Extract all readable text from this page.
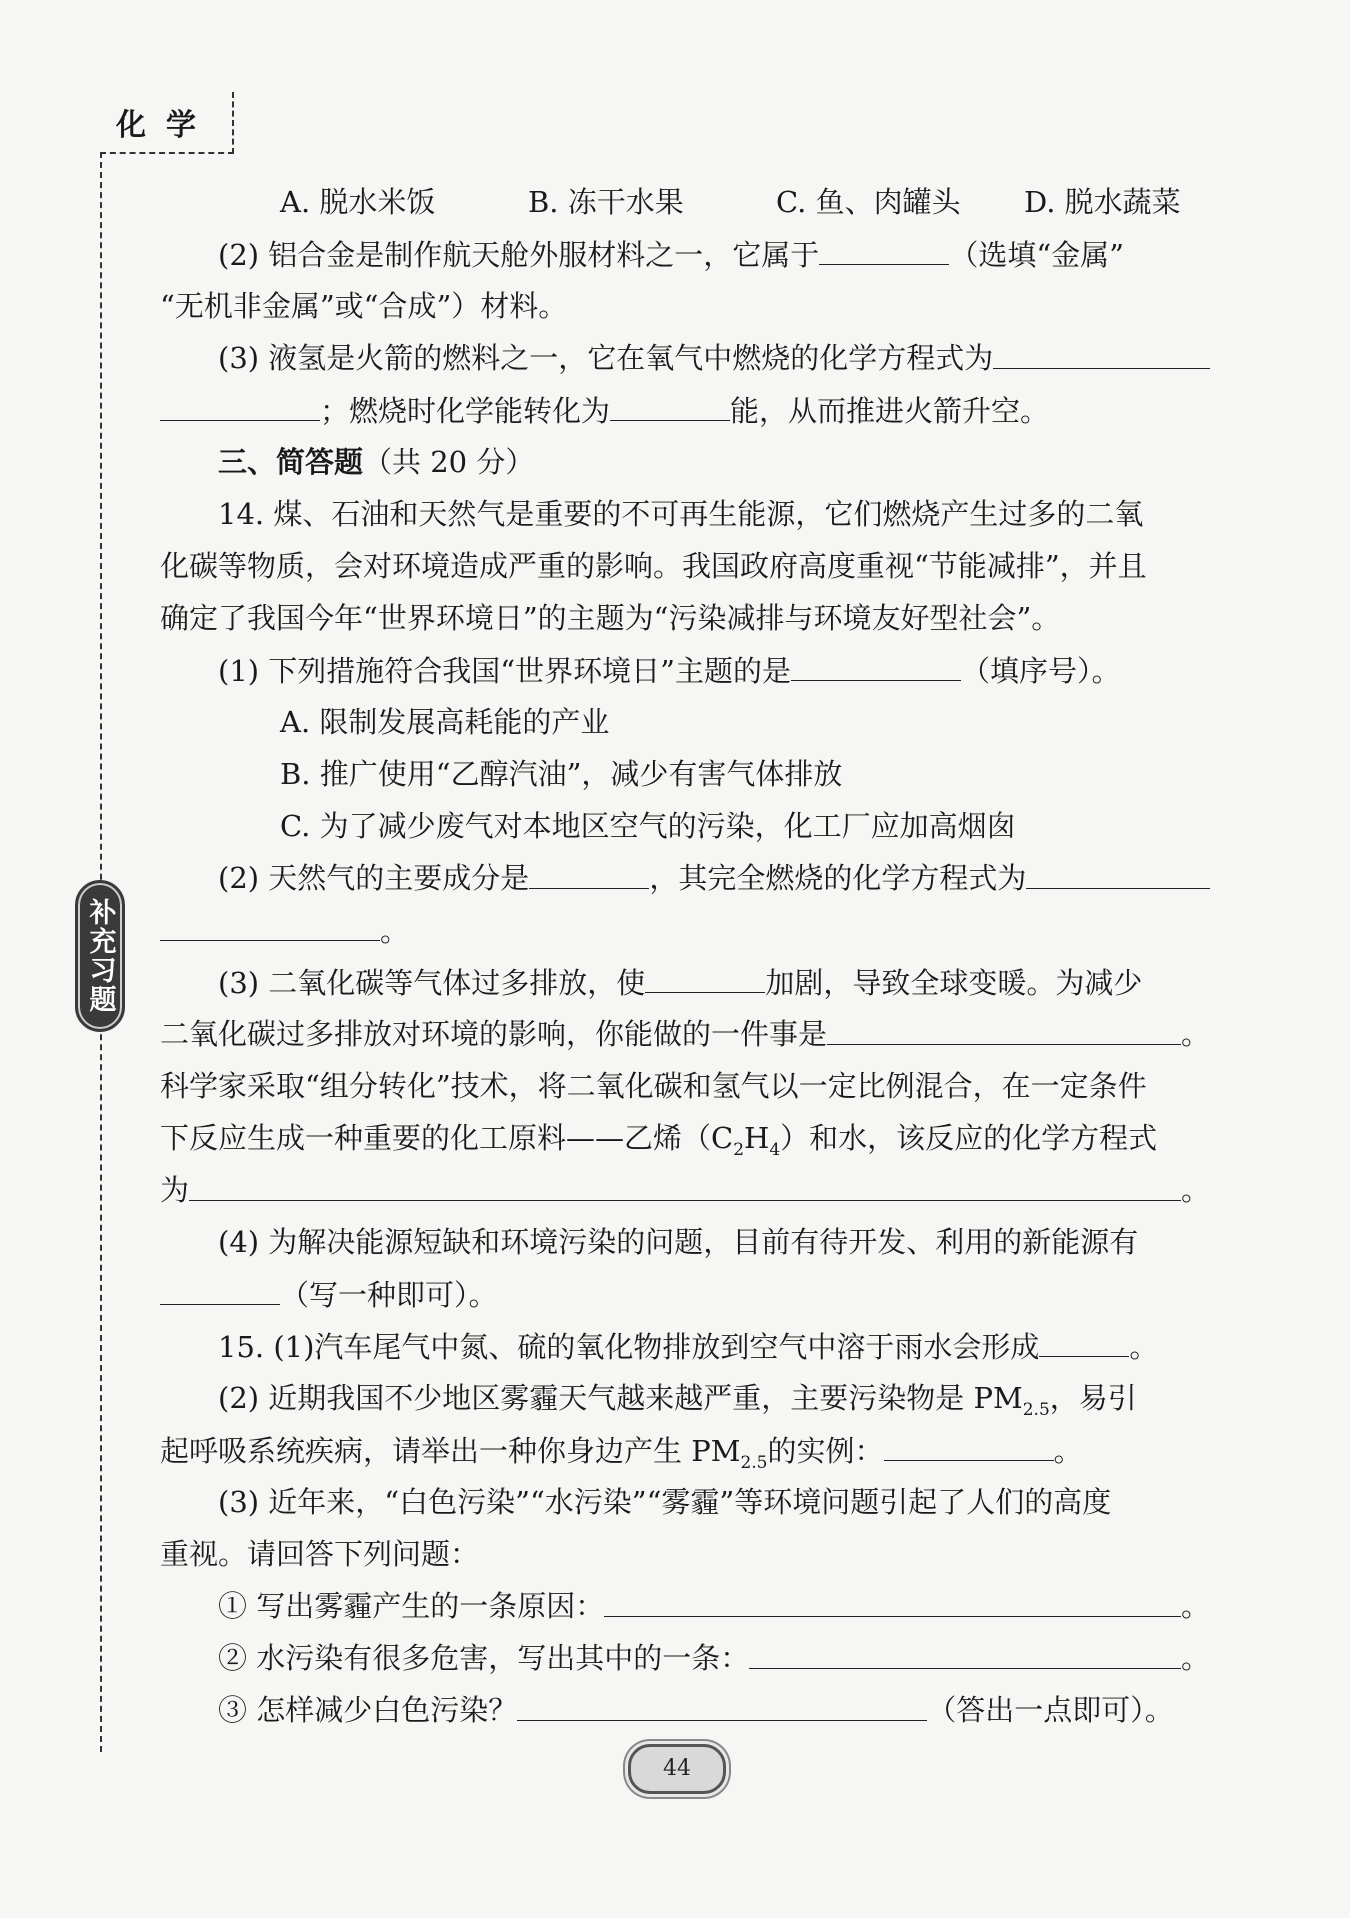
化学
补充习题
A. 脱水米饭	B. 冻干水果	C. 鱼、肉罐头	D. 脱水蔬菜
(2) 铝合金是制作航天舱外服材料之一，它属于	（选填“金属”
“无机非金属”或“合成”）材料。
(3) 液氢是火箭的燃料之一，它在氧气中燃烧的化学方程式为
；燃烧时化学能转化为	能，从而推进火箭升空。
三、简答题（共 20 分）
14. 煤、石油和天然气是重要的不可再生能源，它们燃烧产生过多的二氧
化碳等物质，会对环境造成严重的影响。我国政府高度重视“节能减排”，并且
确定了我国今年“世界环境日”的主题为“污染减排与环境友好型社会”。
(1) 下列措施符合我国“世界环境日”主题的是	（填序号）。
A. 限制发展高耗能的产业
B. 推广使用“乙醇汽油”，减少有害气体排放
C. 为了减少废气对本地区空气的污染，化工厂应加高烟囱
(2) 天然气的主要成分是	，其完全燃烧的化学方程式为
。
(3) 二氧化碳等气体过多排放，使	加剧，导致全球变暖。为减少
二氧化碳过多排放对环境的影响，你能做的一件事是	。
科学家采取“组分转化”技术，将二氧化碳和氢气以一定比例混合，在一定条件
下反应生成一种重要的化工原料——乙烯$(C_2H_4)$和水，该反应的化学方程式
为	。
(4) 为解决能源短缺和环境污染的问题，目前有待开发、利用的新能源有
（写一种即可）。
15. (1)汽车尾气中氮、硫的氧化物排放到空气中溶于雨水会形成	。
(2) 近期我国不少地区雾霾天气越来越严重，主要污染物是 $PM_{2.5}$，易引
起呼吸系统疾病，请举出一种你身边产生 $PM_{2.5}$的实例：	。
(3) 近年来，“白色污染”“水污染”“雾霾”等环境问题引起了人们的高度
重视。请回答下列问题：
① 写出雾霾产生的一条原因：	。
② 水污染有很多危害，写出其中的一条：	。
③ 怎样减少白色污染？	（答出一点即可）。
44
